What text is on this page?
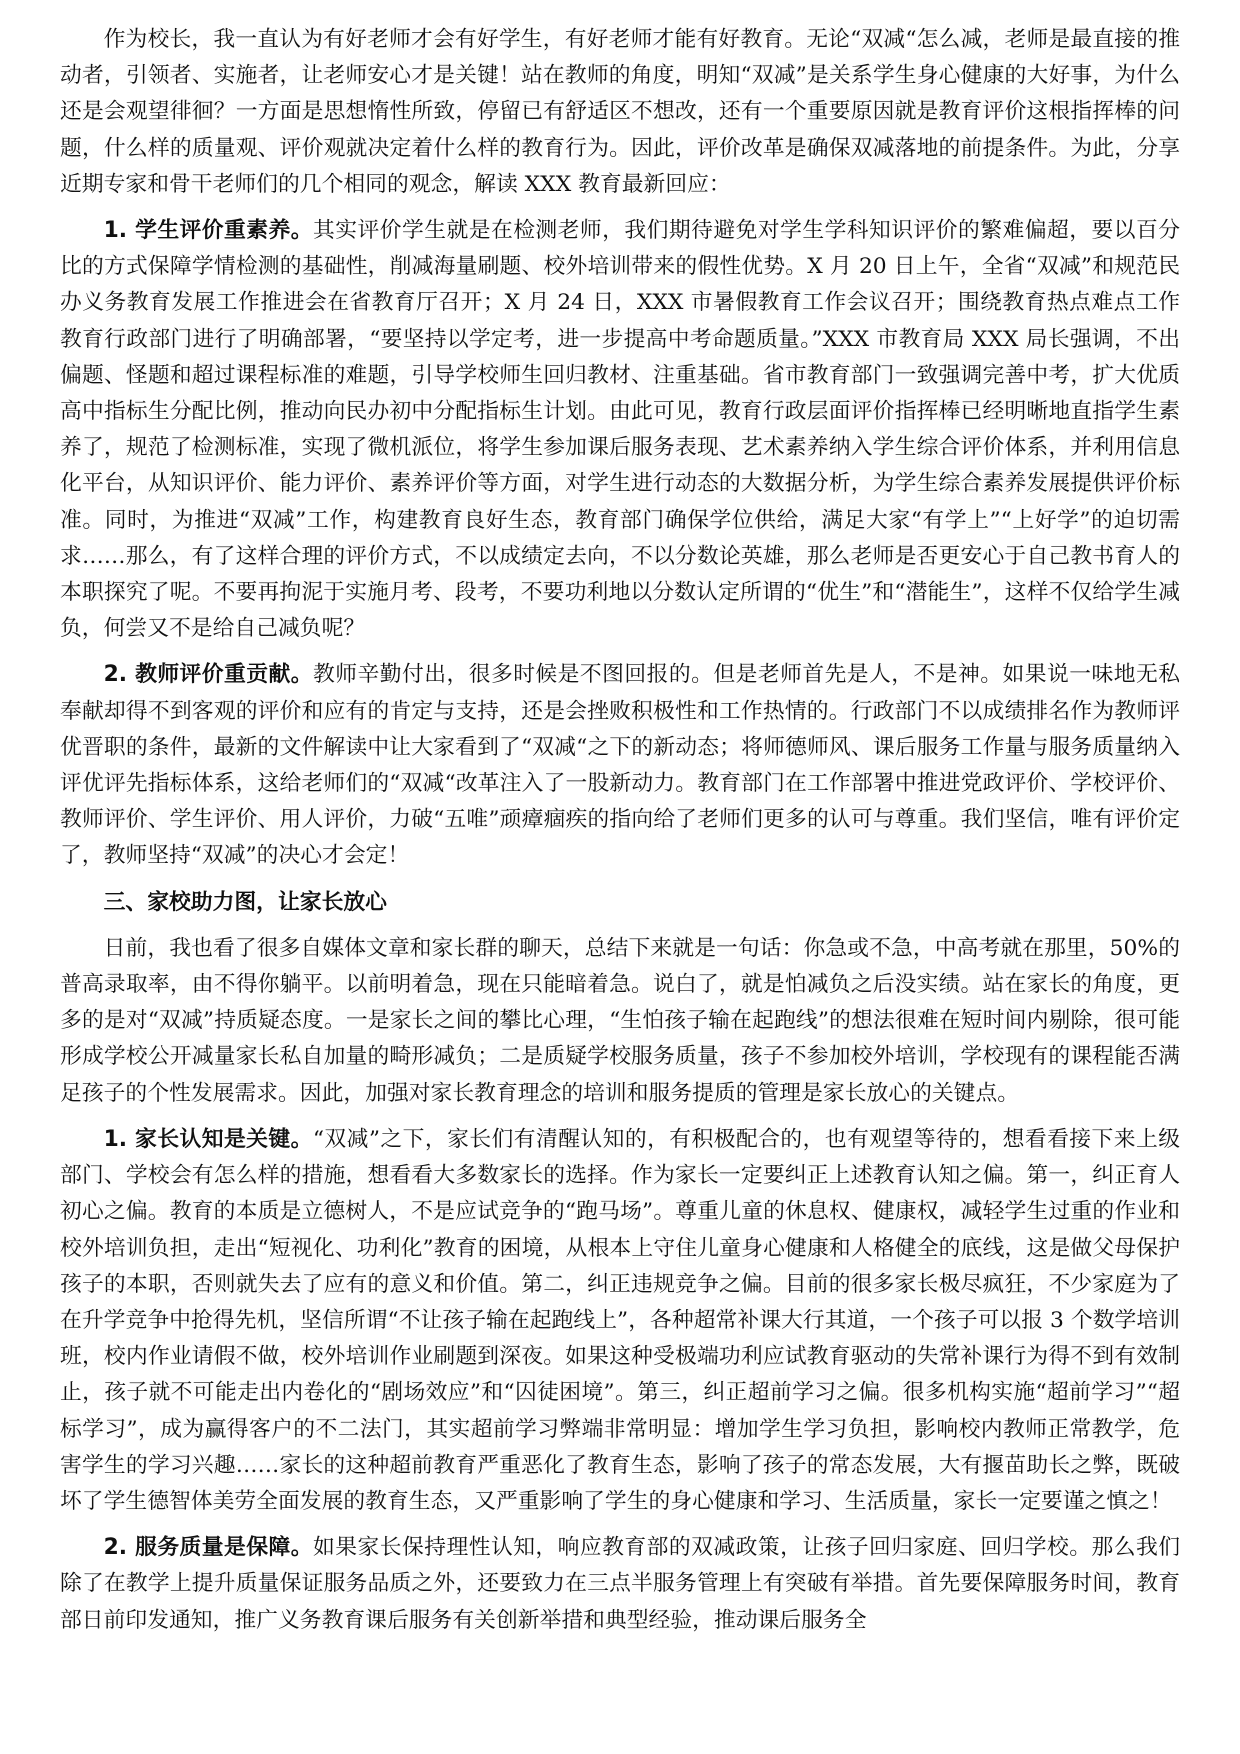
作为校长，我一直认为有好老师才会有好学生，有好老师才能有好教育。无论“双减“怎么减，老师是最直接的推动者，引领者、实施者，让老师安心才是关键！站在教师的角度，明知“双减”是关系学生身心健康的大好事，为什么还是会观望徘徊？一方面是思想惰性所致，停留已有舒适区不想改，还有一个重要原因就是教育评价这根指挥棒的问题，什么样的质量观、评价观就决定着什么样的教育行为。因此，评价改革是确保双减落地的前提条件。为此，分享近期专家和骨干老师们的几个相同的观念，解读 XXX 教育最新回应：

1. 学生评价重素养。其实评价学生就是在检测老师，我们期待避免对学生学科知识评价的繁难偏超，要以百分比的方式保障学情检测的基础性，削减海量刷题、校外培训带来的假性优势。X 月 20 日上午，全省“双减”和规范民办义务教育发展工作推进会在省教育厅召开；X 月 24 日，XXX 市暑假教育工作会议召开；围绕教育热点难点工作教育行政部门进行了明确部署，“要坚持以学定考，进一步提高中考命题质量。”XXX 市教育局 XXX 局长强调，不出偏题、怪题和超过课程标准的难题，引导学校师生回归教材、注重基础。省市教育部门一致强调完善中考，扩大优质高中指标生分配比例，推动向民办初中分配指标生计划。由此可见，教育行政层面评价指挥棒已经明晰地直指学生素养了，规范了检测标准，实现了微机派位，将学生参加课后服务表现、艺术素养纳入学生综合评价体系，并利用信息化平台，从知识评价、能力评价、素养评价等方面，对学生进行动态的大数据分析，为学生综合素养发展提供评价标准。同时，为推进“双减”工作，构建教育良好生态，教育部门确保学位供给，满足大家“有学上”“上好学”的迫切需求……那么，有了这样合理的评价方式，不以成绩定去向，不以分数论英雄，那么老师是否更安心于自己教书育人的本职探究了呢。不要再拘泥于实施月考、段考，不要功利地以分数认定所谓的“优生”和“潜能生”，这样不仅给学生减负，何尝又不是给自己减负呢？

2. 教师评价重贡献。教师辛勤付出，很多时候是不图回报的。但是老师首先是人，不是神。如果说一味地无私奉献却得不到客观的评价和应有的肯定与支持，还是会挫败积极性和工作热情的。行政部门不以成绩排名作为教师评优晋职的条件，最新的文件解读中让大家看到了“双减“之下的新动态；将师德师风、课后服务工作量与服务质量纳入评优评先指标体系，这给老师们的“双减“改革注入了一股新动力。教育部门在工作部署中推进党政评价、学校评价、教师评价、学生评价、用人评价，力破“五唯”顽瘴痼疾的指向给了老师们更多的认可与尊重。我们坚信，唯有评价定了，教师坚持“双减”的决心才会定！

三、家校助力图，让家长放心

日前，我也看了很多自媒体文章和家长群的聊天，总结下来就是一句话：你急或不急，中高考就在那里，50%的普高录取率，由不得你躺平。以前明着急，现在只能暗着急。说白了，就是怕减负之后没实绩。站在家长的角度，更多的是对“双减”持质疑态度。一是家长之间的攀比心理，“生怕孩子输在起跑线”的想法很难在短时间内剔除，很可能形成学校公开减量家长私自加量的畸形减负；二是质疑学校服务质量，孩子不参加校外培训，学校现有的课程能否满足孩子的个性发展需求。因此，加强对家长教育理念的培训和服务提质的管理是家长放心的关键点。

1. 家长认知是关键。“双减”之下，家长们有清醒认知的，有积极配合的，也有观望等待的，想看看接下来上级部门、学校会有怎么样的措施，想看看大多数家长的选择。作为家长一定要纠正上述教育认知之偏。第一，纠正育人初心之偏。教育的本质是立德树人，不是应试竞争的“跑马场”。尊重儿童的休息权、健康权，减轻学生过重的作业和校外培训负担，走出“短视化、功利化”教育的困境，从根本上守住儿童身心健康和人格健全的底线，这是做父母保护孩子的本职，否则就失去了应有的意义和价值。第二，纠正违规竞争之偏。目前的很多家长极尽疯狂，不少家庭为了在升学竞争中抢得先机，坚信所谓“不让孩子输在起跑线上”，各种超常补课大行其道，一个孩子可以报 3 个数学培训班，校内作业请假不做，校外培训作业刷题到深夜。如果这种受极端功利应试教育驱动的失常补课行为得不到有效制止，孩子就不可能走出内卷化的“剧场效应”和“囚徒困境”。第三，纠正超前学习之偏。很多机构实施“超前学习”“超标学习”，成为赢得客户的不二法门，其实超前学习弊端非常明显：增加学生学习负担，影响校内教师正常教学，危害学生的学习兴趣……家长的这种超前教育严重恶化了教育生态，影响了孩子的常态发展，大有揠苗助长之弊，既破坏了学生德智体美劳全面发展的教育生态，又严重影响了学生的身心健康和学习、生活质量，家长一定要谨之慎之！

2. 服务质量是保障。如果家长保持理性认知，响应教育部的双减政策，让孩子回归家庭、回归学校。那么我们除了在教学上提升质量保证服务品质之外，还要致力在三点半服务管理上有突破有举措。首先要保障服务时间，教育部日前印发通知，推广义务教育课后服务有关创新举措和典型经验，推动课后服务全
